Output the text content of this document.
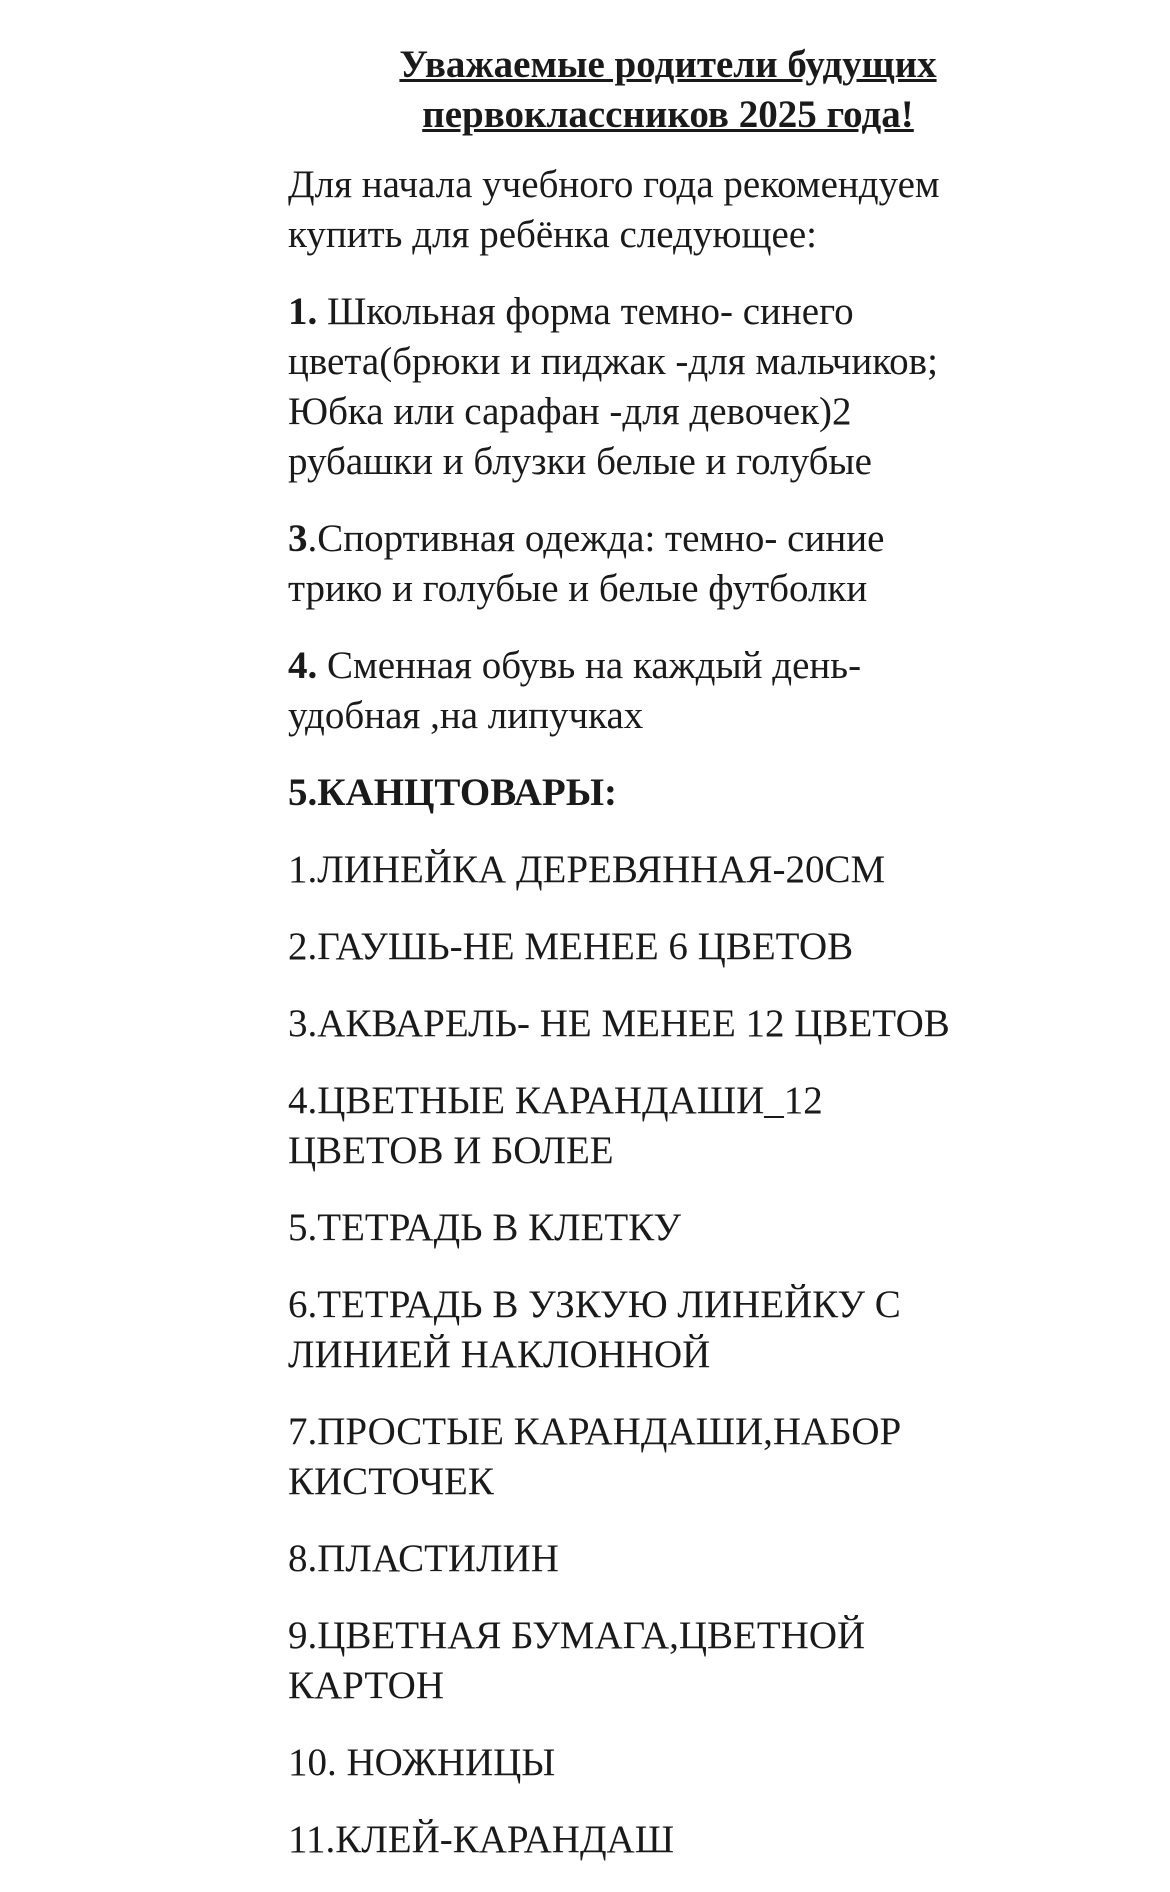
Уважаемые родители будущих
первоклассников 2025 года!
Для начала учебного года рекомендуем
купить для ребёнка следующее:
1. Школьная форма темно- синего
цвета(брюки и пиджак -для мальчиков;
Юбка или сарафан -для девочек)2
рубашки и блузки белые и голубые
3.Спортивная одежда: темно- синие
трико и голубые и белые футболки
4. Сменная обувь на каждый день-
удобная ,на липучках
5.КАНЦТОВАРЫ:
1.ЛИНЕЙКА ДЕРЕВЯННАЯ-20СМ
2.ГАУШЬ-НЕ МЕНЕЕ 6 ЦВЕТОВ
3.АКВАРЕЛЬ- НЕ МЕНЕЕ 12 ЦВЕТОВ
4.ЦВЕТНЫЕ КАРАНДАШИ_12
ЦВЕТОВ И БОЛЕЕ
5.ТЕТРАДЬ В КЛЕТКУ
6.ТЕТРАДЬ В УЗКУЮ ЛИНЕЙКУ С
ЛИНИЕЙ НАКЛОННОЙ
7.ПРОСТЫЕ КАРАНДАШИ,НАБОР
КИСТОЧЕК
8.ПЛАСТИЛИН
9.ЦВЕТНАЯ БУМАГА,ЦВЕТНОЙ
КАРТОН
10. НОЖНИЦЫ
11.КЛЕЙ-КАРАНДАШ
